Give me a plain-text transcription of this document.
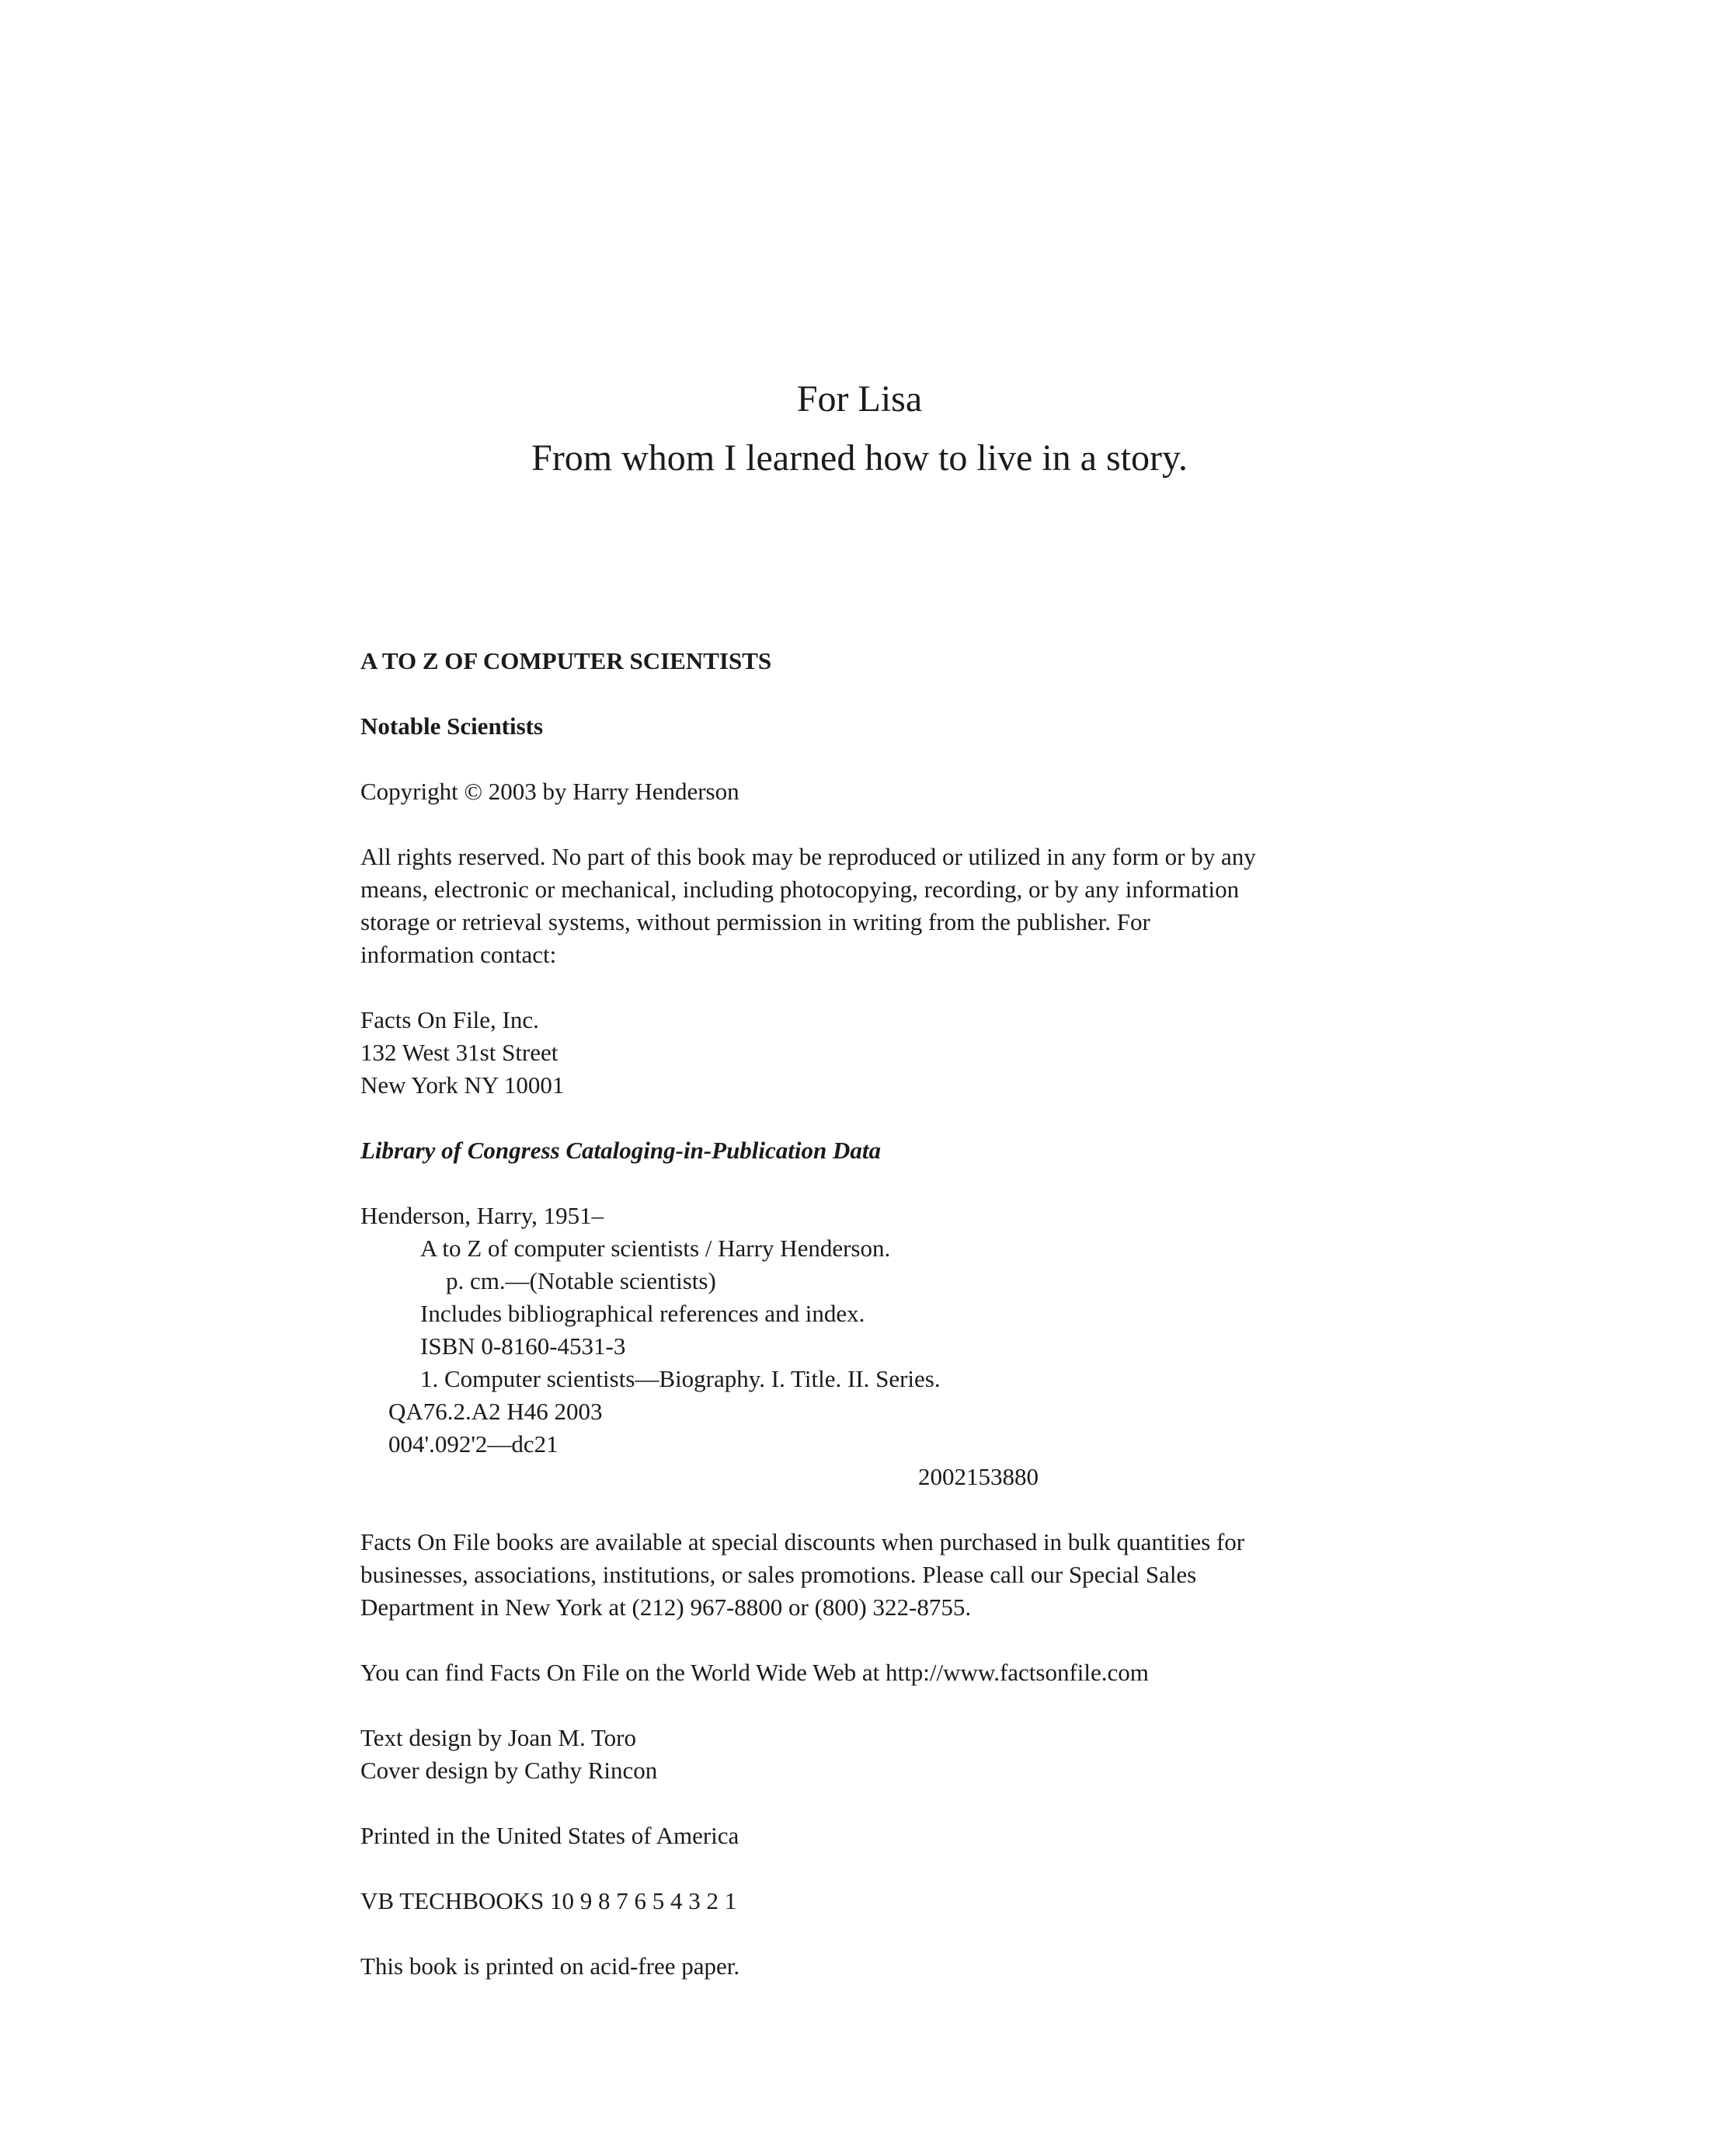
For Lisa
From whom I learned how to live in a story.
A TO Z OF COMPUTER SCIENTISTS
Notable Scientists
Copyright © 2003 by Harry Henderson
All rights reserved. No part of this book may be reproduced or utilized in any form or by any
means, electronic or mechanical, including photocopying, recording, or by any information
storage or retrieval systems, without permission in writing from the publisher. For
information contact:
Facts On File, Inc.
132 West 31st Street
New York NY 10001
Library of Congress Cataloging-in-Publication Data
Henderson, Harry, 1951–
A to Z of computer scientists / Harry Henderson.
p. cm.—(Notable scientists)
Includes bibliographical references and index.
ISBN 0-8160-4531-3
1. Computer scientists—Biography. I. Title. II. Series.
QA76.2.A2 H46 2003
004'.092'2—dc21
2002153880
Facts On File books are available at special discounts when purchased in bulk quantities for
businesses, associations, institutions, or sales promotions. Please call our Special Sales
Department in New York at (212) 967-8800 or (800) 322-8755.
You can find Facts On File on the World Wide Web at http://www.factsonfile.com
Text design by Joan M. Toro
Cover design by Cathy Rincon
Printed in the United States of America
VB TECHBOOKS 10 9 8 7 6 5 4 3 2 1
This book is printed on acid-free paper.
